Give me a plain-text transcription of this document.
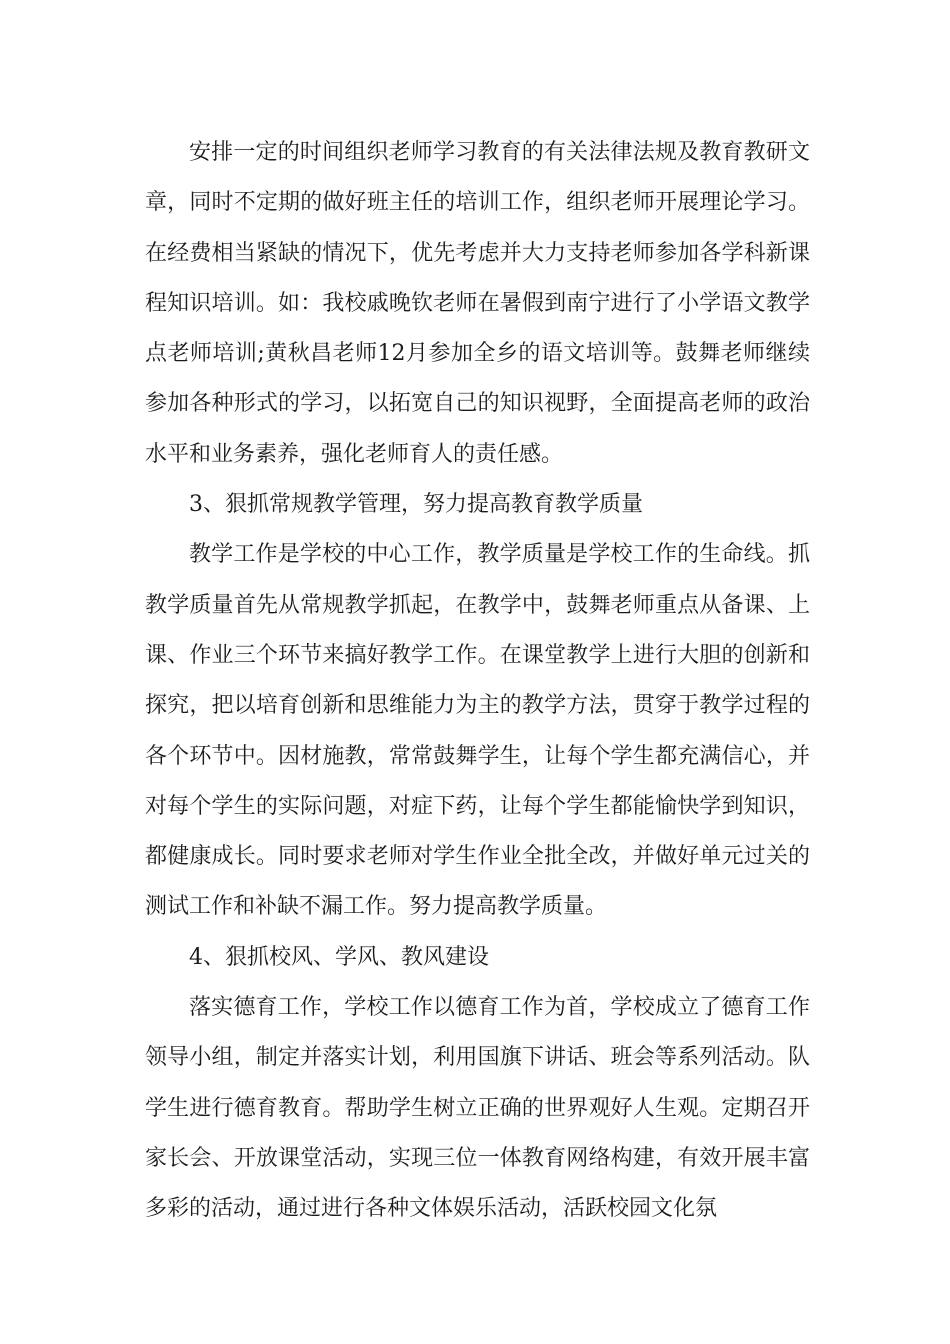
安排一定的时间组织老师学习教育的有关法律法规及教育教研文章，同时不定期的做好班主任的培训工作，组织老师开展理论学习。在经费相当紧缺的情况下，优先考虑并大力支持老师参加各学科新课程知识培训。如：我校戚晚钦老师在暑假到南宁进行了小学语文教学点老师培训;黄秋昌老师12月参加全乡的语文培训等。鼓舞老师继续参加各种形式的学习，以拓宽自己的知识视野，全面提高老师的政治水平和业务素养，强化老师育人的责任感。

3、狠抓常规教学管理，努力提高教育教学质量

教学工作是学校的中心工作，教学质量是学校工作的生命线。抓教学质量首先从常规教学抓起，在教学中，鼓舞老师重点从备课、上课、作业三个环节来搞好教学工作。在课堂教学上进行大胆的创新和探究，把以培育创新和思维能力为主的教学方法，贯穿于教学过程的各个环节中。因材施教，常常鼓舞学生，让每个学生都充满信心，并对每个学生的实际问题，对症下药，让每个学生都能愉快学到知识，都健康成长。同时要求老师对学生作业全批全改，并做好单元过关的测试工作和补缺不漏工作。努力提高教学质量。

4、狠抓校风、学风、教风建设

落实德育工作，学校工作以德育工作为首，学校成立了德育工作领导小组，制定并落实计划，利用国旗下讲话、班会等系列活动。队学生进行德育教育。帮助学生树立正确的世界观好人生观。定期召开家长会、开放课堂活动，实现三位一体教育网络构建，有效开展丰富多彩的活动，通过进行各种文体娱乐活动，活跃校园文化氛
